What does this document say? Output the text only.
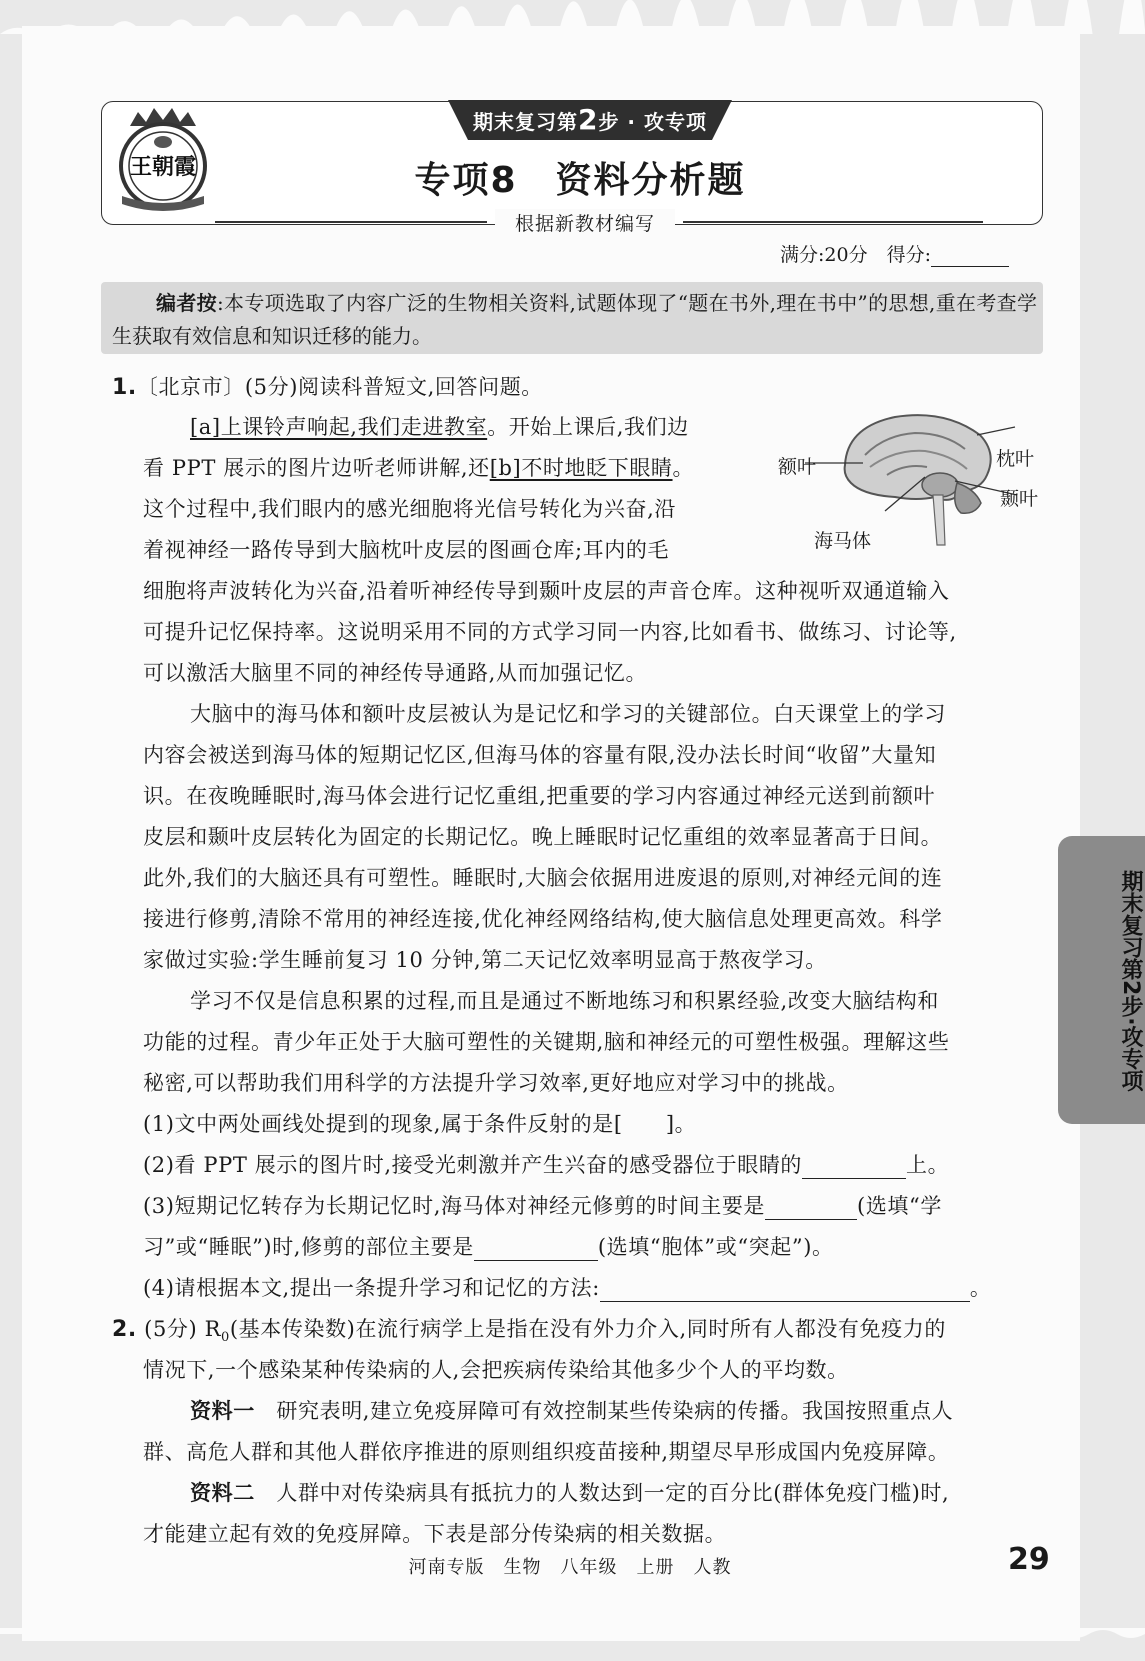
王朝霞
期末复习第2步 · 攻专项
专项8　资料分析题
根据新教材编写
满分:20分　 得分:
编者按:本专项选取了内容广泛的生物相关资料,试题体现了“题在书外,理在书中”的思想,重在考查学生获取有效信息和知识迁移的能力。
1.〔北京市〕(5分)阅读科普短文,回答问题。
[a]上课铃声响起,我们走进教室。开始上课后,我们边
看 PPT 展示的图片边听老师讲解,还[b]不时地眨下眼睛。
这个过程中,我们眼内的感光细胞将光信号转化为兴奋,沿
着视神经一路传导到大脑枕叶皮层的图画仓库;耳内的毛
细胞将声波转化为兴奋,沿着听神经传导到颞叶皮层的声音仓库。这种视听双通道输入
可提升记忆保持率。这说明采用不同的方式学习同一内容,比如看书、做练习、讨论等,
可以激活大脑里不同的神经传导通路,从而加强记忆。
额叶	枕叶
颞叶
海马体
大脑中的海马体和额叶皮层被认为是记忆和学习的关键部位。白天课堂上的学习
内容会被送到海马体的短期记忆区,但海马体的容量有限,没办法长时间“收留”大量知
识。在夜晚睡眠时,海马体会进行记忆重组,把重要的学习内容通过神经元送到前额叶
皮层和颞叶皮层转化为固定的长期记忆。晚上睡眠时记忆重组的效率显著高于日间。
此外,我们的大脑还具有可塑性。睡眠时,大脑会依据用进废退的原则,对神经元间的连
接进行修剪,清除不常用的神经连接,优化神经网络结构,使大脑信息处理更高效。科学
家做过实验:学生睡前复习 10 分钟,第二天记忆效率明显高于熬夜学习。
学习不仅是信息积累的过程,而且是通过不断地练习和积累经验,改变大脑结构和
功能的过程。青少年正处于大脑可塑性的关键期,脑和神经元的可塑性极强。理解这些
秘密,可以帮助我们用科学的方法提升学习效率,更好地应对学习中的挑战。
(1)文中两处画线处提到的现象,属于条件反射的是[　　]。
(2)看 PPT 展示的图片时,接受光刺激并产生兴奋的感受器位于眼睛的	上。
(3)短期记忆转存为长期记忆时,海马体对神经元修剪的时间主要是	(选填“学
习”或“睡眠”)时,修剪的部位主要是	(选填“胞体”或“突起”)。
(4)请根据本文,提出一条提升学习和记忆的方法:	。
2. (5分) $R_0$(基本传染数)在流行病学上是指在没有外力介入,同时所有人都没有免疫力的
情况下,一个感染某种传染病的人,会把疾病传染给其他多少个人的平均数。
资料一　研究表明,建立免疫屏障可有效控制某些传染病的传播。我国按照重点人
群、高危人群和其他人群依序推进的原则组织疫苗接种,期望尽早形成国内免疫屏障。
资料二　人群中对传染病具有抵抗力的人数达到一定的百分比(群体免疫门槛)时,
才能建立起有效的免疫屏障。下表是部分传染病的相关数据。
期末复习第2步·攻专项
河南专版　生物　八年级　上册　人教	29
